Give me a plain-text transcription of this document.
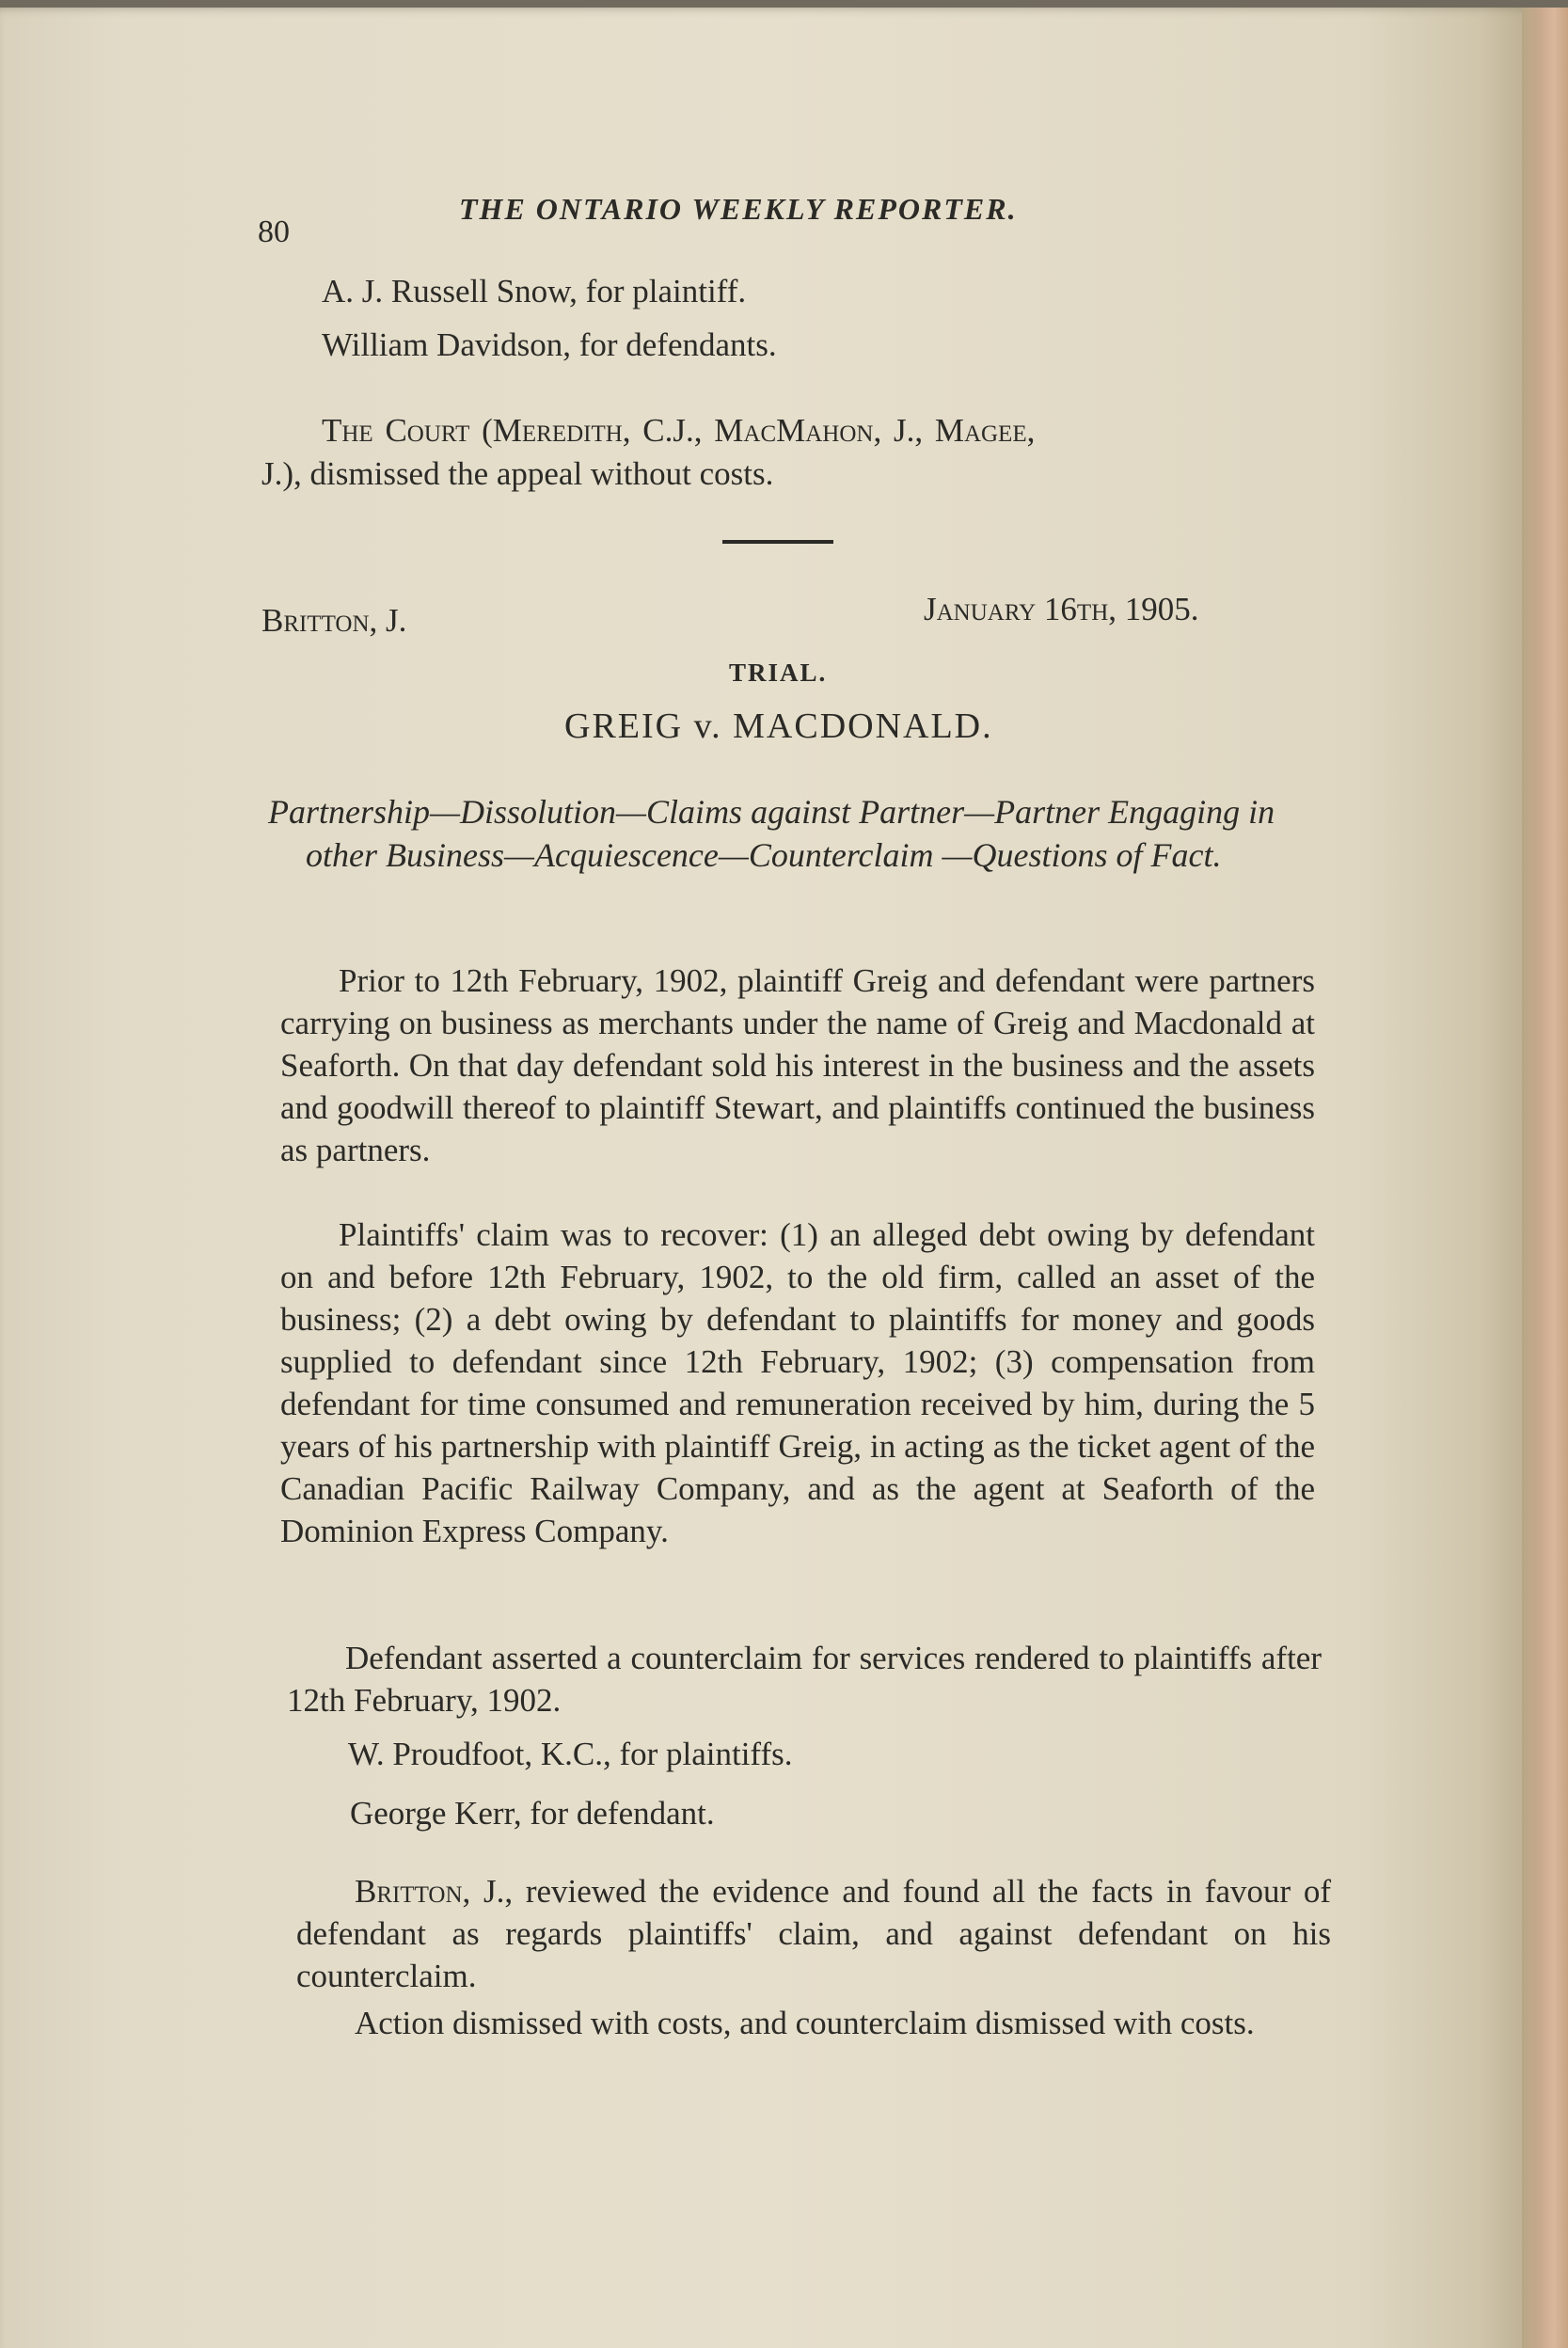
80
THE ONTARIO WEEKLY REPORTER.
A. J. Russell Snow, for plaintiff.
William Davidson, for defendants.
The Court (Meredith, C.J., MacMahon, J., Magee,
J.), dismissed the appeal without costs.
Britton, J.	January 16th, 1905.
TRIAL.
GREIG v. MACDONALD.
Partnership—Dissolution—Claims against Partner—Partner Engaging in other Business—Acquiescence—Counterclaim —Questions of Fact.
Prior to 12th February, 1902, plaintiff Greig and defendant were partners carrying on business as merchants under the name of Greig and Macdonald at Seaforth. On that day defendant sold his interest in the business and the assets and goodwill thereof to plaintiff Stewart, and plaintiffs continued the business as partners.
Plaintiffs' claim was to recover: (1) an alleged debt owing by defendant on and before 12th February, 1902, to the old firm, called an asset of the business; (2) a debt owing by defendant to plaintiffs for money and goods supplied to defendant since 12th February, 1902; (3) compensation from defendant for time consumed and remuneration received by him, during the 5 years of his partnership with plaintiff Greig, in acting as the ticket agent of the Canadian Pacific Railway Company, and as the agent at Seaforth of the Dominion Express Company.
Defendant asserted a counterclaim for services rendered to plaintiffs after 12th February, 1902.
W. Proudfoot, K.C., for plaintiffs.
George Kerr, for defendant.
Britton, J., reviewed the evidence and found all the facts in favour of defendant as regards plaintiffs' claim, and against defendant on his counterclaim.
Action dismissed with costs, and counterclaim dismissed with costs.
